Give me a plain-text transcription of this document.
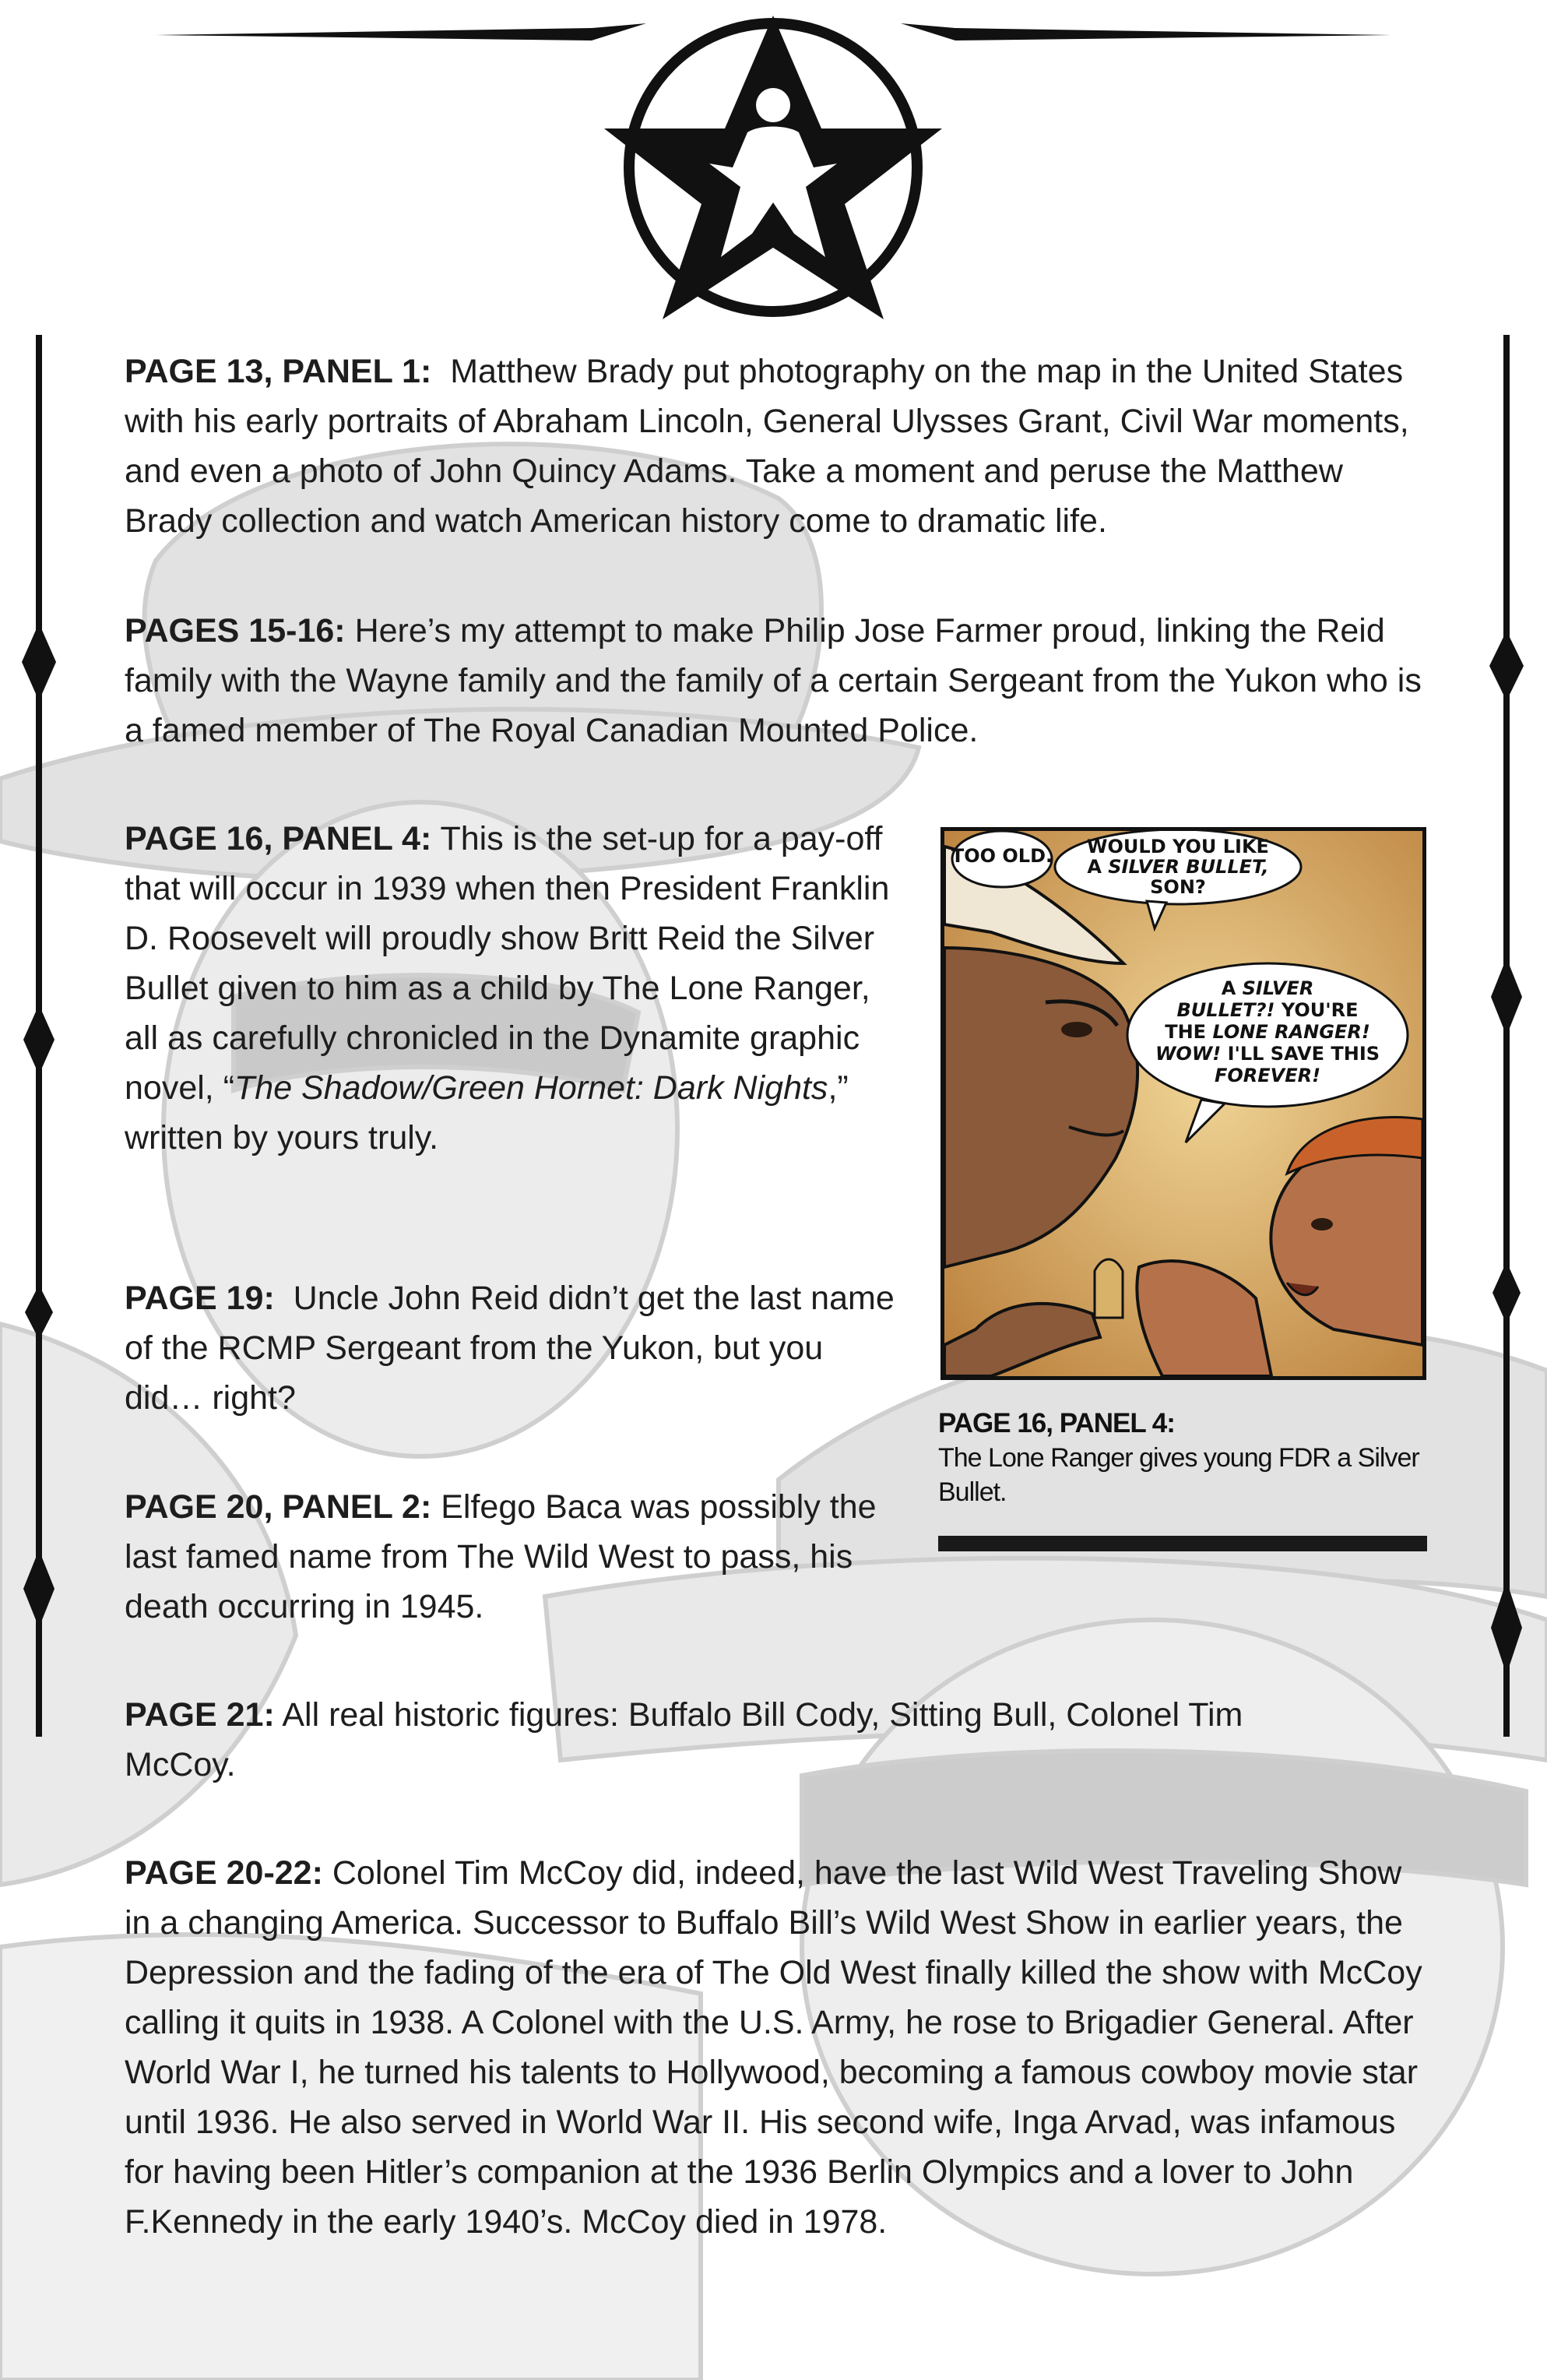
PAGE 13, PANEL 1: Matthew Brady put photography on the map in the United States with his early portraits of Abraham Lincoln, General Ulysses Grant, Civil War moments, and even a photo of John Quincy Adams. Take a moment and peruse the Matthew Brady collection and watch American history come to dramatic life.

PAGES 15-16: Here’s my attempt to make Philip Jose Farmer proud, linking the Reid family with the Wayne family and the family of a certain Sergeant from the Yukon who is a famed member of The Royal Canadian Mounted Police.

PAGE 16, PANEL 4: This is the set-up for a pay-off that will occur in 1939 when then President Franklin D. Roosevelt will proudly show Britt Reid the Silver Bullet given to him as a child by The Lone Ranger, all as carefully chronicled in the Dynamite graphic novel, “The Shadow/Green Hornet: Dark Nights,” written by yours truly.

PAGE 19: Uncle John Reid didn’t get the last name of the RCMP Sergeant from the Yukon, but you did… right?

PAGE 20, PANEL 2: Elfego Baca was possibly the last famed name from The Wild West to pass, his death occurring in 1945.

PAGE 21: All real historic figures: Buffalo Bill Cody, Sitting Bull, Colonel Tim McCoy.

PAGE 20-22: Colonel Tim McCoy did, indeed, have the last Wild West Traveling Show in a changing America. Successor to Buffalo Bill’s Wild West Show in earlier years, the Depression and the fading of the era of The Old West finally killed the show with McCoy calling it quits in 1938. A Colonel with the U.S. Army, he rose to Brigadier General. After World War I, he turned his talents to Hollywood, becoming a famous cowboy movie star until 1936. He also served in World War II. His second wife, Inga Arvad, was infamous for having been Hitler’s companion at the 1936 Berlin Olympics and a lover to John F.Kennedy in the early 1940’s. McCoy died in 1978.

TOO OLD. WOULD YOU LIKE
A SILVER BULLET,
SON?
A SILVER
BULLET?! YOU'RE
THE LONE RANGER!
WOW! I'LL SAVE THIS
FOREVER!

PAGE 16, PANEL 4:

The Lone Ranger gives young FDR a Silver Bullet.
